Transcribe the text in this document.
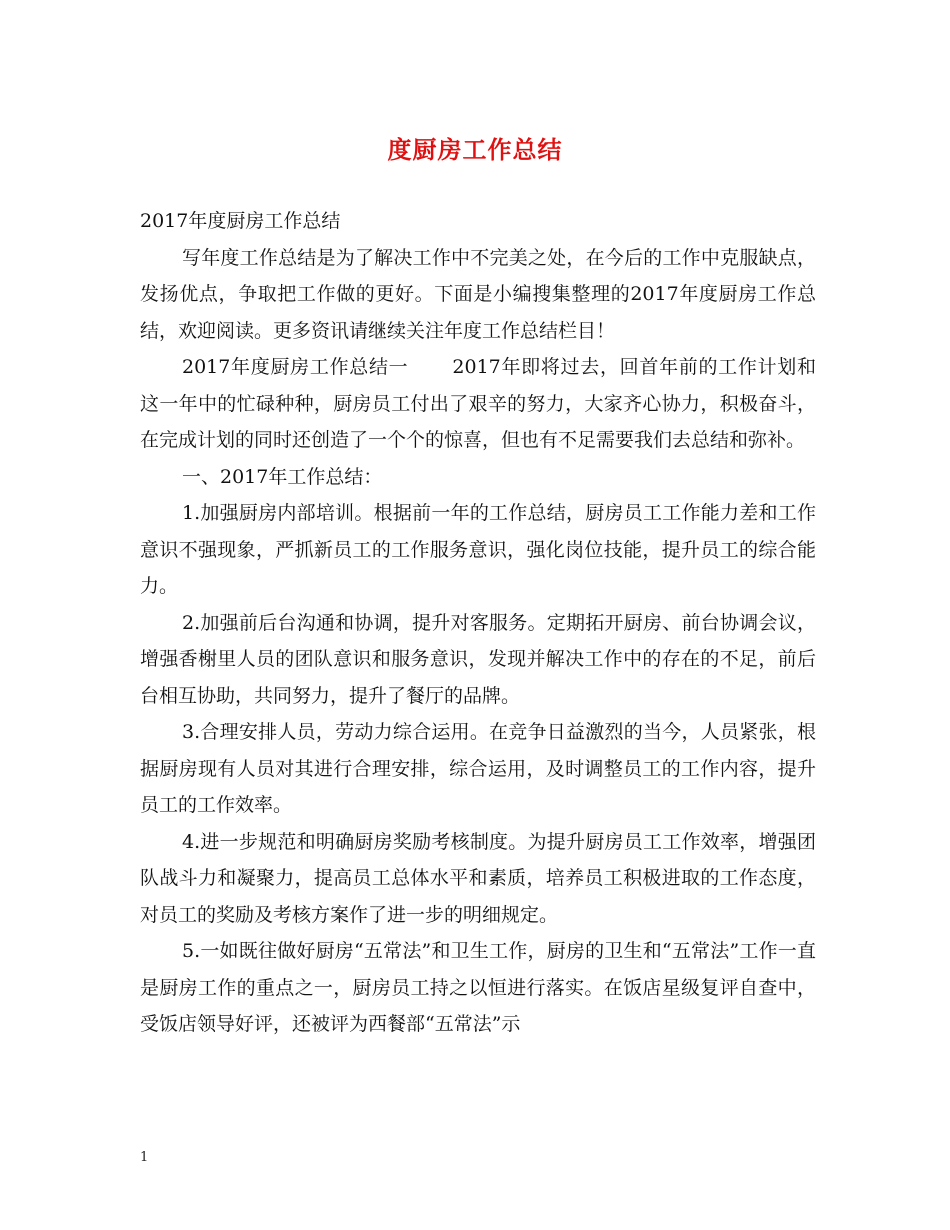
度厨房工作总结

2017年度厨房工作总结

写年度工作总结是为了解决工作中不完美之处，在今后的工作中克服缺点，发扬优点，争取把工作做的更好。下面是小编搜集整理的2017年度厨房工作总结，欢迎阅读。更多资讯请继续关注年度工作总结栏目！

2017年度厨房工作总结一 2017年即将过去，回首年前的工作计划和这一年中的忙碌种种，厨房员工付出了艰辛的努力，大家齐心协力，积极奋斗，在完成计划的同时还创造了一个个的惊喜，但也有不足需要我们去总结和弥补。

一、2017年工作总结：

1.加强厨房内部培训。根据前一年的工作总结，厨房员工工作能力差和工作意识不强现象，严抓新员工的工作服务意识，强化岗位技能，提升员工的综合能力。

2.加强前后台沟通和协调，提升对客服务。定期拓开厨房、前台协调会议，增强香榭里人员的团队意识和服务意识，发现并解决工作中的存在的不足，前后台相互协助，共同努力，提升了餐厅的品牌。

3.合理安排人员，劳动力综合运用。在竞争日益激烈的当今，人员紧张，根据厨房现有人员对其进行合理安排，综合运用，及时调整员工的工作内容，提升员工的工作效率。

4.进一步规范和明确厨房奖励考核制度。为提升厨房员工工作效率，增强团队战斗力和凝聚力，提高员工总体水平和素质，培养员工积极进取的工作态度，对员工的奖励及考核方案作了进一步的明细规定。

5.一如既往做好厨房“五常法”和卫生工作，厨房的卫生和“五常法”工作一直是厨房工作的重点之一，厨房员工持之以恒进行落实。在饭店星级复评自查中，受饭店领导好评，还被评为西餐部“五常法”示

1
